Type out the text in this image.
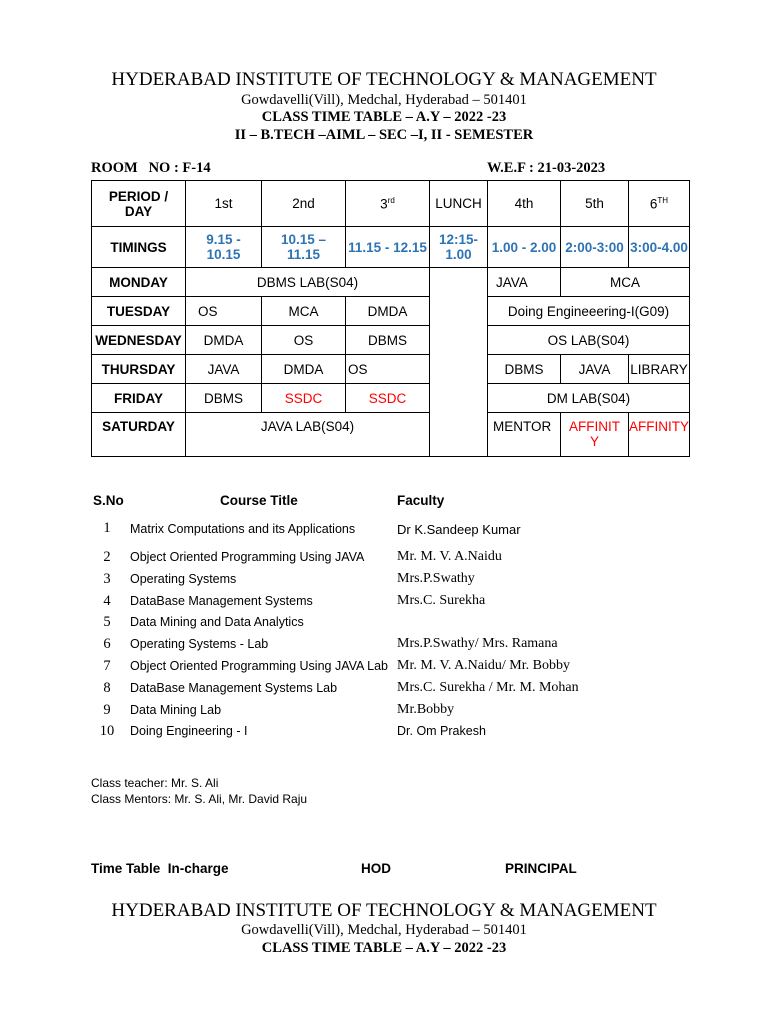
HYDERABAD INSTITUTE OF TECHNOLOGY & MANAGEMENT
Gowdavelli(Vill), Medchal, Hyderabad – 501401
CLASS TIME TABLE – A.Y – 2022 -23
II – B.TECH –AIML – SEC –I, II - SEMESTER
ROOM   NO : F-14	W.E.F : 21-03-2023
PERIOD / DAY	1st	2nd	3rd	LUNCH	4th	5th	6TH
TIMINGS	9.15 - 10.15	10.15 – 11.15	11.15 - 12.15	12:15- 1.00	1.00 - 2.00	2:00-3:00	3:00-4.00
MONDAY	DBMS LAB(S04)				JAVA	MCA	
TUESDAY	OS	MCA	DMDA		Doing Engineeering-I(G09)		
WEDNESDAY	DMDA	OS	DBMS		OS LAB(S04)		
THURSDAY	JAVA	DMDA	OS		DBMS	JAVA	LIBRARY
FRIDAY	DBMS	SSDC	SSDC		DM LAB(S04)		
SATURDAY	JAVA LAB(S04)				MENTOR	AFFINIT Y	AFFINITY
S.No	Course Title	Faculty
1	Matrix Computations and its Applications	Dr K.Sandeep Kumar
2	Object Oriented Programming Using JAVA Mr. M. V. A.Naidu
3	Operating Systems	Mrs.P.Swathy
4	DataBase Management Systems	Mrs.C. Surekha
5	Data Mining and Data Analytics
6	Operating Systems - Lab	Mrs.P.Swathy/ Mrs. Ramana
7	Object Oriented Programming Using JAVA Lab Mr. M. V. A.Naidu/ Mr. Bobby
8	DataBase Management Systems Lab	Mrs.C. Surekha / Mr. M. Mohan
9	Data Mining Lab	Mr.Bobby
10	Doing Engineering - I	Dr. Om Prakesh
Class teacher: Mr. S. Ali
Class Mentors: Mr. S. Ali, Mr. David Raju
Time Table  In-charge	HOD	PRINCIPAL
HYDERABAD INSTITUTE OF TECHNOLOGY & MANAGEMENT
Gowdavelli(Vill), Medchal, Hyderabad – 501401
CLASS TIME TABLE – A.Y – 2022 -23
